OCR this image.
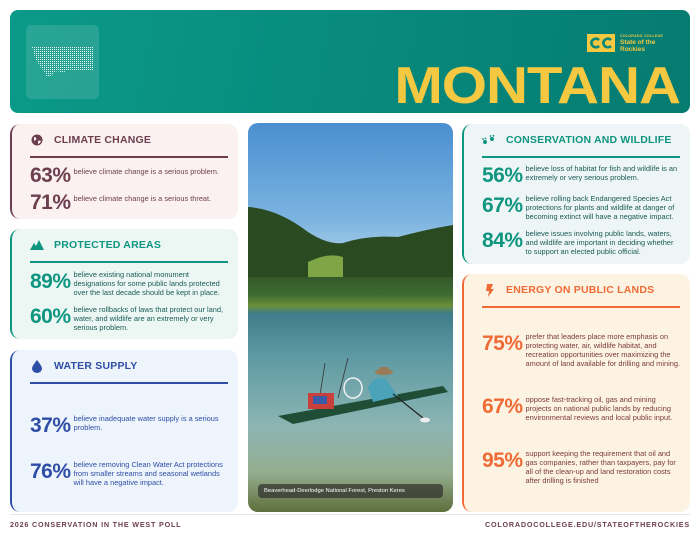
COLORADO COLLEGE
State of the Rockies
MONTANA
CLIMATE CHANGE
63% believe climate change is a serious problem.
71% believe climate change is a serious threat.
PROTECTED AREAS
89% believe existing national monument designations for some public lands protected over the last decade should be kept in place.
60% believe rollbacks of laws that protect our land, water, and wildlife are an extremely or very serious problem.
WATER SUPPLY
37% believe inadequate water supply is a serious problem.
76% believe removing Clean Water Act protections from smaller streams and seasonal wetlands will have a negative impact.
Beaverhead-Deerlodge National Forest, Preston Keres
CONSERVATION AND WILDLIFE
56% believe loss of habitat for fish and wildlife is an extremely or very serious problem.
67% believe rolling back Endangered Species Act protections for plants and wildlife at danger of becoming extinct will have a negative impact.
84% believe issues involving public lands, waters, and wildlife are important in deciding whether to support an elected public official.
ENERGY ON PUBLIC LANDS
75% prefer that leaders place more emphasis on protecting water, air, wildlife habitat, and recreation opportunities over maximizing the amount of land available for drilling and mining.
67% oppose fast-tracking oil, gas and mining projects on national public lands by reducing environmental reviews and local public input.
95% support keeping the requirement that oil and gas companies, rather than taxpayers, pay for all of the clean-up and land restoration costs after drilling is finished
2026 CONSERVATION IN THE WEST POLL	COLORADOCOLLEGE.EDU/STATEOFTHEROCKIES
